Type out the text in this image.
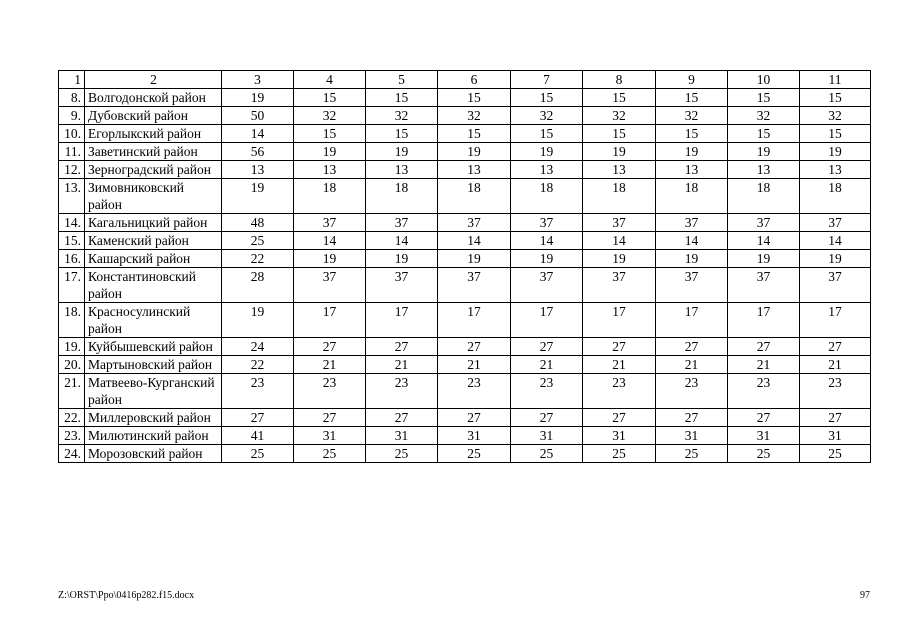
1	2	3	4	5	6	7	8	9	10	11
8.	Волгодонской район	19	15	15	15	15	15	15	15	15
9.	Дубовский район	50	32	32	32	32	32	32	32	32
10.	Егорлыкский район	14	15	15	15	15	15	15	15	15
11.	Заветинский район	56	19	19	19	19	19	19	19	19
12.	Зерноградский район	13	13	13	13	13	13	13	13	13
13.	Зимовниковский район	19	18	18	18	18	18	18	18	18
14.	Кагальницкий район	48	37	37	37	37	37	37	37	37
15.	Каменский район	25	14	14	14	14	14	14	14	14
16.	Кашарский район	22	19	19	19	19	19	19	19	19
17.	Константиновский район	28	37	37	37	37	37	37	37	37
18.	Красносулинский район	19	17	17	17	17	17	17	17	17
19.	Куйбышевский район	24	27	27	27	27	27	27	27	27
20.	Мартыновский район	22	21	21	21	21	21	21	21	21
21.	Матвеево-Курганский район	23	23	23	23	23	23	23	23	23
22.	Миллеровский район	27	27	27	27	27	27	27	27	27
23.	Милютинский район	41	31	31	31	31	31	31	31	31
24.	Морозовский район	25	25	25	25	25	25	25	25	25
Z:\ORST\Ppo\0416p282.f15.docx	97
